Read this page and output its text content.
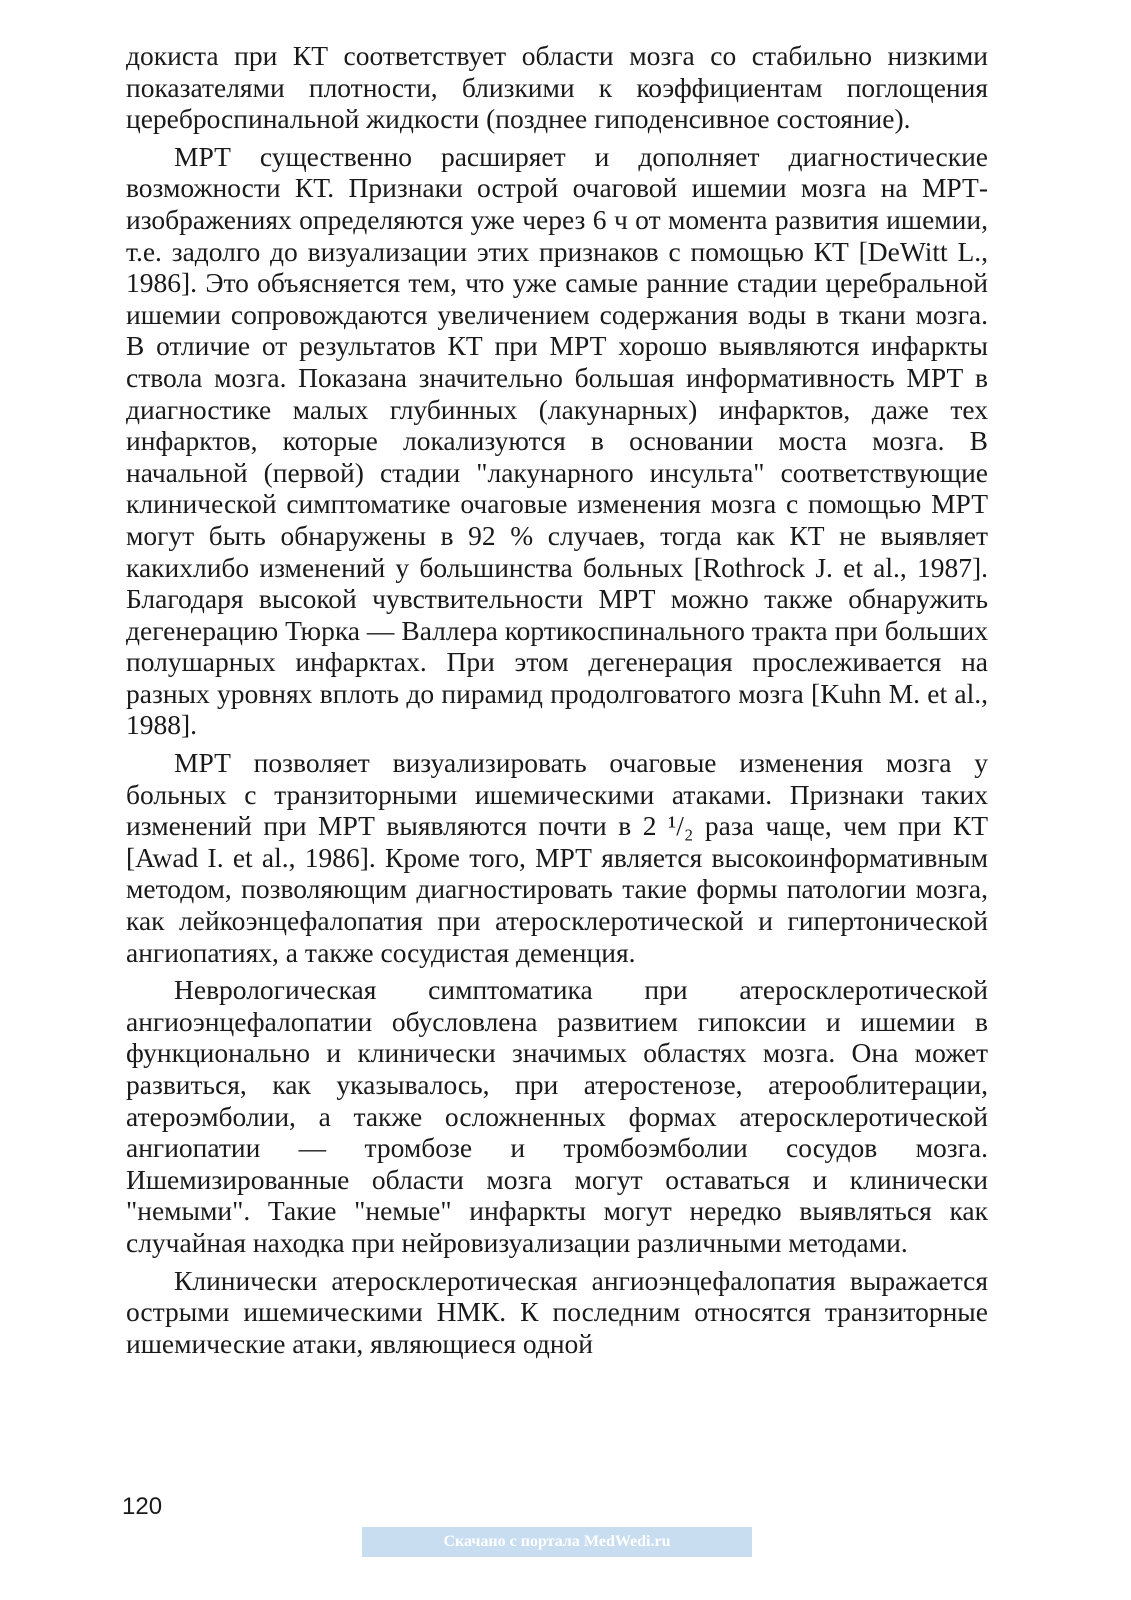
докиста при КТ соответствует области мозга со стабильно низкими показателями плотности, близкими к коэффициентам поглощения цереброспинальной жидкости (позднее гиподенсивное состояние).

МРТ существенно расширяет и дополняет диагностические возможности КТ. Признаки острой очаговой ишемии мозга на МРТ-изображениях определяются уже через 6 ч от момента развития ишемии, т.е. задолго до визуализации этих признаков с помощью КТ [DeWitt L., 1986]. Это объясняется тем, что уже самые ранние стадии церебральной ишемии сопровождаются увеличением содержания воды в ткани мозга. В отличие от результатов КТ при МРТ хорошо выявляются инфаркты ствола мозга. Показана значительно большая информативность МРТ в диагностике малых глубинных (лакунарных) инфарктов, даже тех инфарктов, которые локализуются в основании моста мозга. В начальной (первой) стадии "лакунарного инсульта" соответствующие клинической симптоматике очаговые изменения мозга с помощью МРТ могут быть обнаружены в 92 % случаев, тогда как КТ не выявляет какихлибо изменений у большинства больных [Rothrock J. et al., 1987]. Благодаря высокой чувствительности МРТ можно также обнаружить дегенерацию Тюрка — Валлера кортикоспинального тракта при больших полушарных инфарктах. При этом дегенерация прослеживается на разных уровнях вплоть до пирамид продолговатого мозга [Kuhn M. et al., 1988].

МРТ позволяет визуализировать очаговые изменения мозга у больных с транзиторными ишемическими атаками. Признаки таких изменений при МРТ выявляются почти в 2 ¹/₂ раза чаще, чем при КТ [Awad I. et al., 1986]. Кроме того, МРТ является высокоинформативным методом, позволяющим диагностировать такие формы патологии мозга, как лейкоэнцефалопатия при атеросклеротической и гипертонической ангиопатиях, а также сосудистая деменция.

Неврологическая симптоматика при атеросклеротической ангиоэнцефалопатии обусловлена развитием гипоксии и ишемии в функционально и клинически значимых областях мозга. Она может развиться, как указывалось, при атеростенозе, атерооблитерации, атероэмболии, а также осложненных формах атеросклеротической ангиопатии — тромбозе и тромбоэмболии сосудов мозга. Ишемизированные области мозга могут оставаться и клинически "немыми". Такие "немые" инфаркты могут нередко выявляться как случайная находка при нейровизуализации различными методами.

Клинически атеросклеротическая ангиоэнцефалопатия выражается острыми ишемическими НМК. К последним относятся транзиторные ишемические атаки, являющиеся одной

120
Скачано с портала MedWedi.ru
